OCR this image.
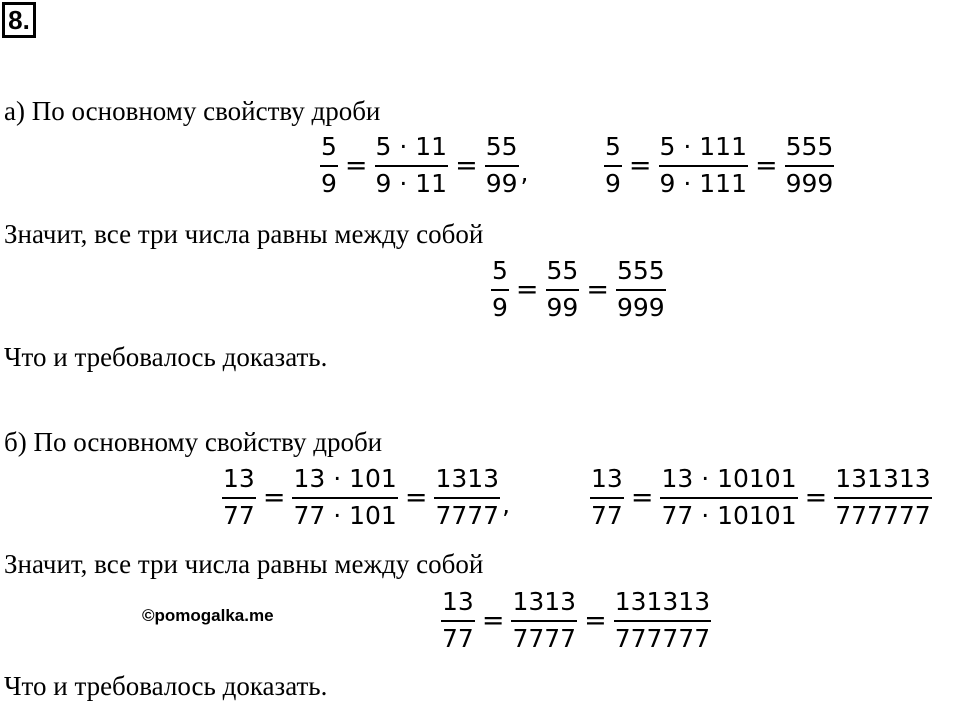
8.
а) По основному свойству дроби
$\frac{5}{9} = \frac{5 \cdot 11}{9 \cdot 11} = \frac{55}{99}$ ,	$\frac{5}{9} = \frac{5 \cdot 111}{9 \cdot 111} = \frac{555}{999}$
Значит, все три числа равны между собой
$\frac{5}{9} = \frac{55}{99} = \frac{555}{999}$
Что и требовалось доказать.
б) По основному свойству дроби
$\frac{13}{77} = \frac{13 \cdot 101}{77 \cdot 101} = \frac{1313}{7777}$ ,	$\frac{13}{77} = \frac{13 \cdot 10101}{77 \cdot 10101} = \frac{131313}{777777}$
Значит, все три числа равны между собой
©pomogalka.me	$\frac{13}{77} = \frac{1313}{7777} = \frac{131313}{777777}$
Что и требовалось доказать.
